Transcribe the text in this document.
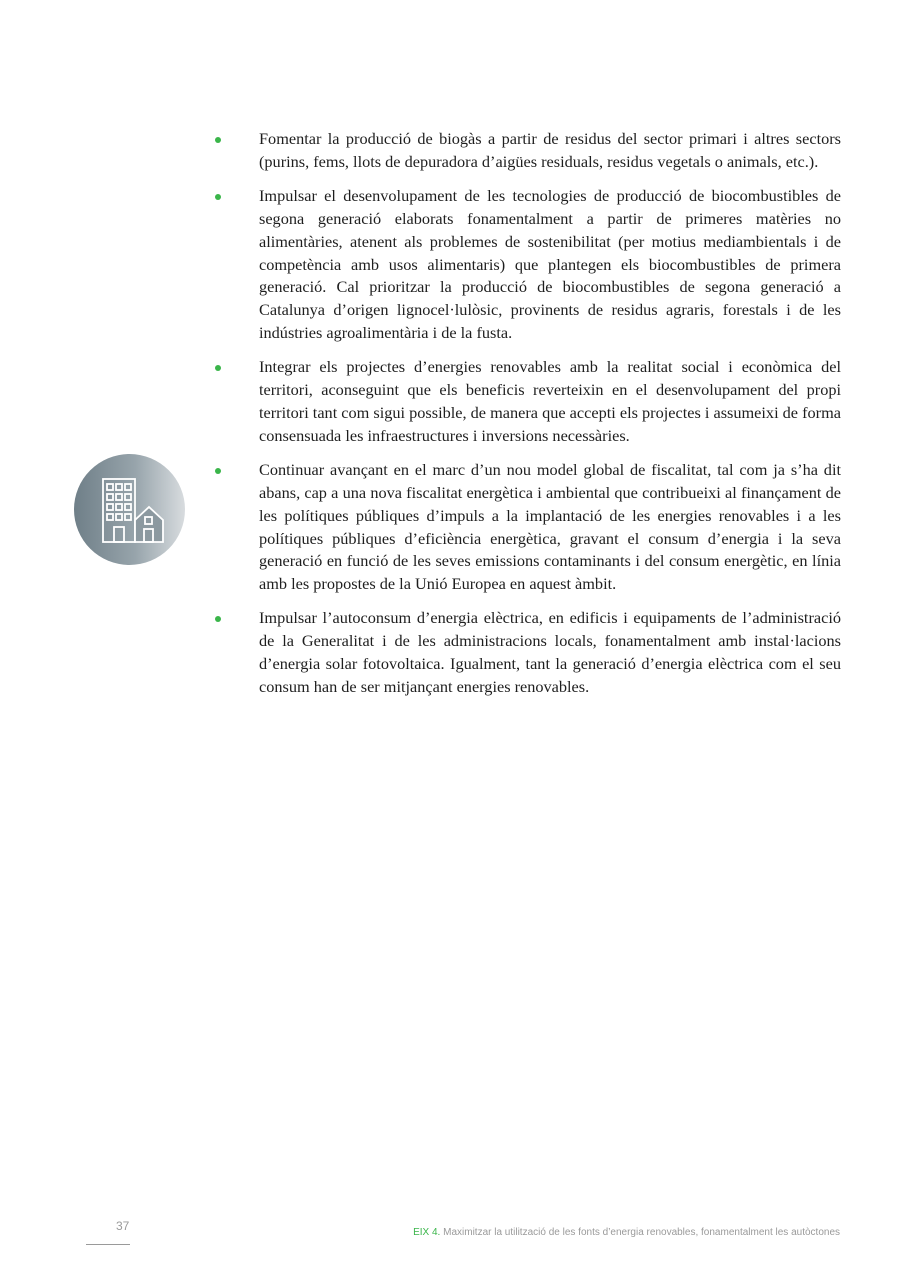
Fomentar la producció de biogàs a partir de residus del sector primari i altres sectors (purins, fems, llots de depuradora d’aigües residuals, residus vegetals o animals, etc.).
Impulsar el desenvolupament de les tecnologies de producció de biocombustibles de segona generació elaborats fonamentalment a partir de primeres matèries no alimentàries, atenent als problemes de sostenibilitat (per motius mediambientals i de competència amb usos alimentaris) que plantegen els biocombustibles de primera generació. Cal prioritzar la producció de biocombustibles de segona generació a Catalunya d’origen lignocel·lulòsic, provinents de residus agraris, forestals i de les indústries agroalimentària i de la fusta.
Integrar els projectes d’energies renovables amb la realitat social i econòmica del territori, aconseguint que els beneficis reverteixin en el desenvolupament del propi territori tant com sigui possible, de manera que accepti els projectes i assumeixi de forma consensuada les infraestructures i inversions necessàries.
Continuar avançant en el marc d’un nou model global de fiscalitat, tal com ja s’ha dit abans, cap a una nova fiscalitat energètica i ambiental que contribueixi al finançament de les polítiques públiques d’impuls a la implantació de les energies renovables i a les polítiques públiques d’eficiència energètica, gravant el consum d’energia i la seva generació en funció de les seves emissions contaminants i del consum energètic, en línia amb les propostes de la Unió Europea en aquest àmbit.
Impulsar l’autoconsum d’energia elèctrica, en edificis i equipaments de l’administració de la Generalitat i de les administracions locals, fonamentalment amb instal·lacions d’energia solar fotovoltaica. Igualment, tant la generació d’energia elèctrica com el seu consum han de ser mitjançant energies renovables.
37	EIX 4. Maximitzar la utilització de les fonts d’energia renovables, fonamentalment les autòctones
